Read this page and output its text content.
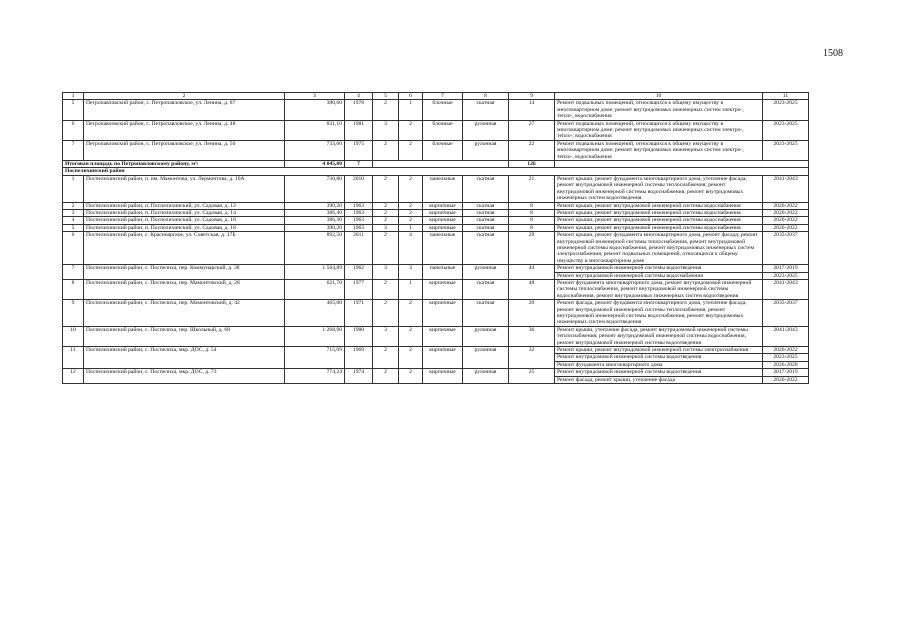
1508
1	2	3	4	5	6	7	8	9	10	11
5	Петропавловский район, с. Петропавловское, ул. Ленина, д. 87	380,60	1978	2	1	блочные	скатная	14	Ремонт подвальных помещений, относящихся к общему имуществу в многоквартирном доме; ремонт внутридомовых инженерных систем электро-, тепло-, водоснабжения	2023-2025
6	Петропавловский район, с. Петропавловское, ул. Ленина, д. 48	831,10	1981	3	2	блочные	рулонная	27	Ремонт подвальных помещений, относящихся к общему имуществу в многоквартирном доме; ремонт внутридомовых инженерных систем электро-, тепло-, водоснабжения	2023-2025
7	Петропавловский район, с. Петропавловское, ул. Ленина, д. 50	733,60	1975	2	2	блочные	рулонная	22	Ремонт подвальных помещений, относящихся к общему имуществу в многоквартирном доме; ремонт внутридомовых инженерных систем электро-, тепло-, водоснабжения	2023-2025
Итоговая площадь по Петропавловскому району, м²:		4 045,80	7					126		
Поспелихинский район										
1	Поспелихинский район, п. им. Мамонтова, ул. Лермонтова, д. 10А	730,80	2010	2	2	панельные	скатная	21	Ремонт крыши, ремонт фундамента многоквартирного дома, утепление фасада; ремонт внутридомовой инженерной системы теплоснабжения; ремонт внутридомовой инженерной системы водоснабжения, ремонт внутридомовых инженерных систем водоотведения	2041-2043
2	Поспелихинский район, п. Поспелихинский, ул. Садовая, д. 12	390,20	1963	2	2	кирпичные	скатная	8	Ремонт крыши, ремонт внутридомовой инженерной системы водоснабжения	2020-2022
3	Поспелихинский район, п. Поспелихинский, ул. Садовая, д. 14	386,40	1963	2	2	кирпичные	скатная	8	Ремонт крыши, ремонт внутридомовой инженерной системы водоснабжения	2020-2022
4	Поспелихинский район, п. Поспелихинский, ул. Садовая, д. 16	386,30	1963	2	2	кирпичные	скатная	8	Ремонт крыши, ремонт внутридомовой инженерной системы водоснабжения	2020-2022
5	Поспелихинский район, п. Поспелихинский, ул. Садовая, д. 18	390,20	1963	3	1	кирпичные	скатная	8	Ремонт крыши, ремонт внутридомовой инженерной системы водоснабжения	2020-2022
6	Поспелихинский район, с. Красноярское, ул. Советская, д. 17Б	892,50	2011	2	4	панельные	скатная	29	Ремонт крыши, ремонт фундамента многоквартирного дома, ремонт фасада; ремонт внутридомовой инженерной системы теплоснабжения, ремонт внутридомовой инженерной системы водоснабжения, ремонт внутридомовых инженерных систем электроснабжения, ремонт подвальных помещений, относящихся к общему имуществу в многоквартирном доме	2035-2037
7	Поспелихинский район, с. Поспелиха, пер. Коммунарский, д. 38	1 564,89	1962	3	3	панельные	рулонная	44	Ремонт внутридомовой инженерной системы водоотведения	2017-2019
									Ремонт внутридомовой инженерной системы водоснабжения	2023-2025
8	Поспелихинский район, с. Поспелиха, пер. Мамонтовский, д. 28	621,70	1977	2	1	кирпичные	скатная	48	Ремонт фундамента многоквартирного дома, ремонт внутридомовой инженерной системы теплоснабжения, ремонт внутридомовой инженерной системы водоснабжения, ремонт внутридомовых инженерных систем водоотведения	2041-2043
9	Поспелихинский район, с. Поспелиха, пер. Мамонтовский, д. 42	465,00	1971	2	2	кирпичные	скатная	20	Ремонт фасада, ремонт фундамента многоквартирного дома, утепление фасада; ремонт внутридомовой инженерной системы теплоснабжения, ремонт внутридомовой инженерной системы водоснабжения, ремонт внутридомовых инженерных систем водоотведения	2035-2037
10	Поспелихинский район, с. Поспелиха, пер. Школьный, д. 68	1 268,90	1980	3	2	кирпичные	рулонная	36	Ремонт крыши, утепление фасада, ремонт внутридомовой инженерной системы теплоснабжения, ремонт внутридомовой инженерной системы водоснабжения, ремонт внутридомовой инженерной системы водоотведения	2041-2043
11	Поспелихинский район, с. Поспелиха, мкр. ДОС, д. 54	715,09	1969	2	2	кирпичные	рулонная	32	Ремонт крыши, ремонт внутридомовой инженерной системы электроснабжения	2020-2022
									Ремонт внутридомовой инженерной системы водоотведения	2023-2025
									Ремонт фундамента многоквартирного дома	2026-2028
12	Поспелихинский район, с. Поспелиха, мкр. ДОС, д. 73	774,24	1974	2	2	кирпичные	рулонная	25	Ремонт внутридомовой инженерной системы водоотведения	2017-2019
									Ремонт фасада, ремонт крыши, утепление фасада	2020-2022
